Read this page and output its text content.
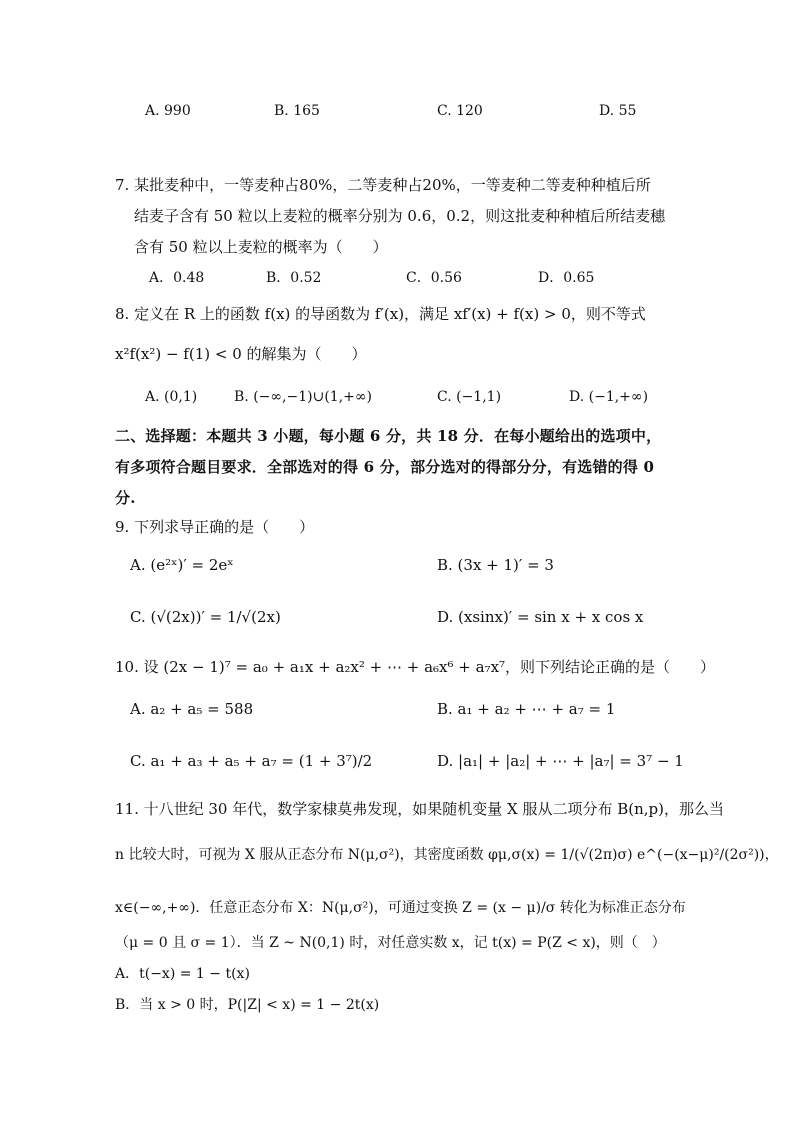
A. 990	B. 165	C. 120	D. 55
7. 某批麦种中，一等麦种占80%，二等麦种占20%，一等麦种二等麦种种植后所
结麦子含有 50 粒以上麦粒的概率分别为 0.6，0.2，则这批麦种种植后所结麦穗
含有 50 粒以上麦粒的概率为（　　）
A．0.48	B．0.52	C．0.56	D．0.65
8. 定义在 R 上的函数 f(x) 的导函数为 f′(x)，满足 xf′(x) + f(x) > 0，则不等式
x²f(x²) − f(1) < 0 的解集为（　　）
A. (0,1)	B. (−∞,−1)∪(1,+∞)	C. (−1,1)	D. (−1,+∞)
二、选择题：本题共 3 小题，每小题 6 分，共 18 分．在每小题给出的选项中，
有多项符合题目要求．全部选对的得 6 分，部分选对的得部分分，有选错的得 0
分.
9. 下列求导正确的是（　　）
A. (e²ˣ)′ = 2eˣ	B. (3x + 1)′ = 3
C. (√(2x))′ = 1/√(2x)	D. (xsinx)′ = sin x + x cos x
10. 设 (2x − 1)⁷ = a₀ + a₁x + a₂x² + ⋯ + a₆x⁶ + a₇x⁷，则下列结论正确的是（　　）
A. a₂ + a₅ = 588	B. a₁ + a₂ + ⋯ + a₇ = 1
C. a₁ + a₃ + a₅ + a₇ = (1 + 3⁷)/2	D. |a₁| + |a₂| + ⋯ + |a₇| = 3⁷ − 1
11. 十八世纪 30 年代，数学家棣莫弗发现，如果随机变量 X 服从二项分布 B(n,p)，那么当
n 比较大时，可视为 X 服从正态分布 N(μ,σ²)，其密度函数 φμ,σ(x) = 1/(√(2π)σ) e^(−(x−μ)²/(2σ²))，
x∈(−∞,+∞)．任意正态分布 X：N(μ,σ²)，可通过变换 Z = (x − μ)/σ 转化为标准正态分布
（μ = 0 且 σ = 1）．当 Z ~ N(0,1) 时，对任意实数 x，记 t(x) = P(Z < x)，则（　）
A．t(−x) = 1 − t(x)
B．当 x > 0 时，P(|Z| < x) = 1 − 2t(x)
